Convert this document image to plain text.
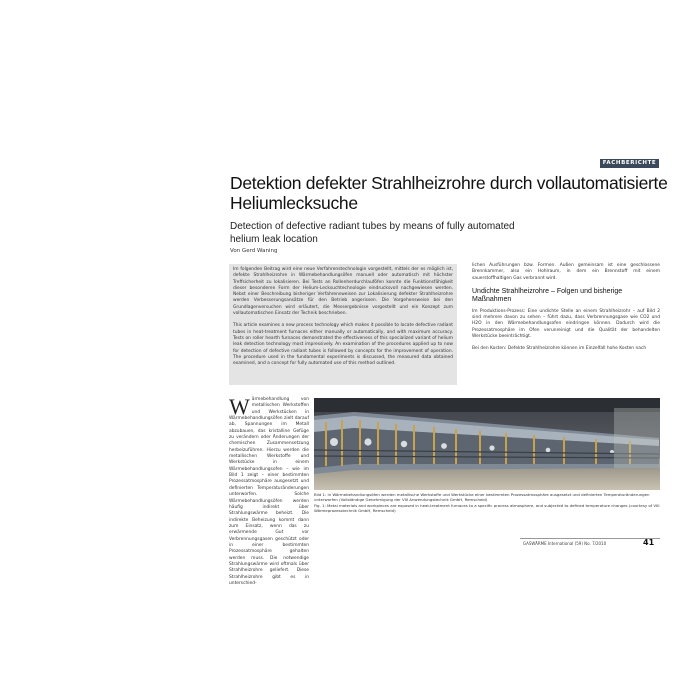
FACHBERICHTE
Detektion defekter Strahlheizrohre durch vollautomatisierte Heliumlecksuche
Detection of defective radiant tubes by means of fully automated helium leak location
Von Gerd Waning

Im folgenden Beitrag wird eine neue Verfahrenstechnologie vorgestellt, mittels der es möglich ist, defekte Strahlheizrohre in Wärmebehandlungsöfen manuell oder automatisch mit höchster Treffsicherheit zu lokalisieren. Bei Tests an Rollenherdurchlauföfen konnte die Funktionsfähigkeit dieser besonderen Form der Helium-Lecksuchtechnologie eindrucksvoll nachgewiesen werden. Nebst einer Beschreibung bisheriger Verfahrensweisen zur Lokalisierung defekter Strahlheizrohre werden Verbesserungsansätze für den Betrieb angerissen. Die Vorgehensweise bei den Grundlagenversuchen wird erläutert, die Messergebnisse vorgestellt und ein Konzept zum vollautomatischen Einsatz der Technik beschrieben.

This article examines a new process technology which makes it possible to locate defective radiant tubes in heat-treatment furnaces either manually or automatically, and with maximum accuracy. Tests on roller hearth furnaces demonstrated the effectiveness of this specialized variant of helium leak detection technology most impressively. An examination of the procedures applied up to now for detection of defective radiant tubes is followed by concepts for the improvement of operation. The procedure used in the fundamental experiments is discussed, the measured data obtained examined, and a concept for fully automated use of this method outlined.

lichen Ausführungen bzw. Formen. Außen gemeinsam ist eine geschlossene Brennkammer, also ein Hohlraum, in dem ein Brennstoff mit einem sauerstoffhaltigen Gas verbrannt wird.

Undichte Strahlheizrohre – Folgen und bisherige Maßnahmen

Im Produktions-Prozess: Eine undichte Stelle an einem Strahlheizrohr – auf Bild 2 sind mehrere davon zu sehen – führt dazu, dass Verbrennungsgase wie CO2 und H2O in den Wärmebehandlungsofen eindringen können. Dadurch wird die Prozessatmosphäre im Ofen verunreinigt und die Qualität der behandelten Werkstücke beeinträchtigt.

Bei den Kosten: Defekte Strahlheizrohre können im Einzelfall hohe Kosten nach

Wärmebehandlung von metallischen Werkstoffen und Werkstücken in Wärmebehandlungsöfen zielt darauf ab, Spannungen im Metall abzubauen, das kristalline Gefüge zu verändern oder Änderungen der chemischen Zusammensetzung herbeizuführen. Hierzu werden die metallischen Werkstoffe und Werkstücke in einem Wärmebehandlungsofen – wie im Bild 1 zeigt – einer bestimmten Prozessatmosphäre ausgesetzt und definierten Temperaturänderungen unterworfen. Solche Wärmebehandlungsöfen werden häufig indirekt über Strahlungswärme beheizt. Die indirekte Beheizung kommt dann zum Einsatz, wenn das zu erwärmende Gut vor Verbrennungsgasen geschützt oder in einer bestimmten Prozessatmosphäre gehalten werden muss. Die notwendige Strahlungswärme wird oftmals über Strahlheizrohre geliefert. Diese Strahlheizrohre gibt es in unterschied-

Bild 1: In Wärmebehandlungsöfen werden metallische Werkstoffe und Werkstücke einer bestimmten Prozessatmosphäre ausgesetzt und definierten Temperaturänderungen unterworfen (Vollständige Genehmigung der VIII Anwendungstechnik GmbH, Remscheid)

Fig. 1: Metal materials and workpieces are exposed in heat-treatment furnaces to a specific process atmosphere, and subjected to defined temperature changes (courtesy of VIII Wärmeprozesstechnik GmbH, Remscheid)

GASWÄRME International (59) No. 7/2010	41
